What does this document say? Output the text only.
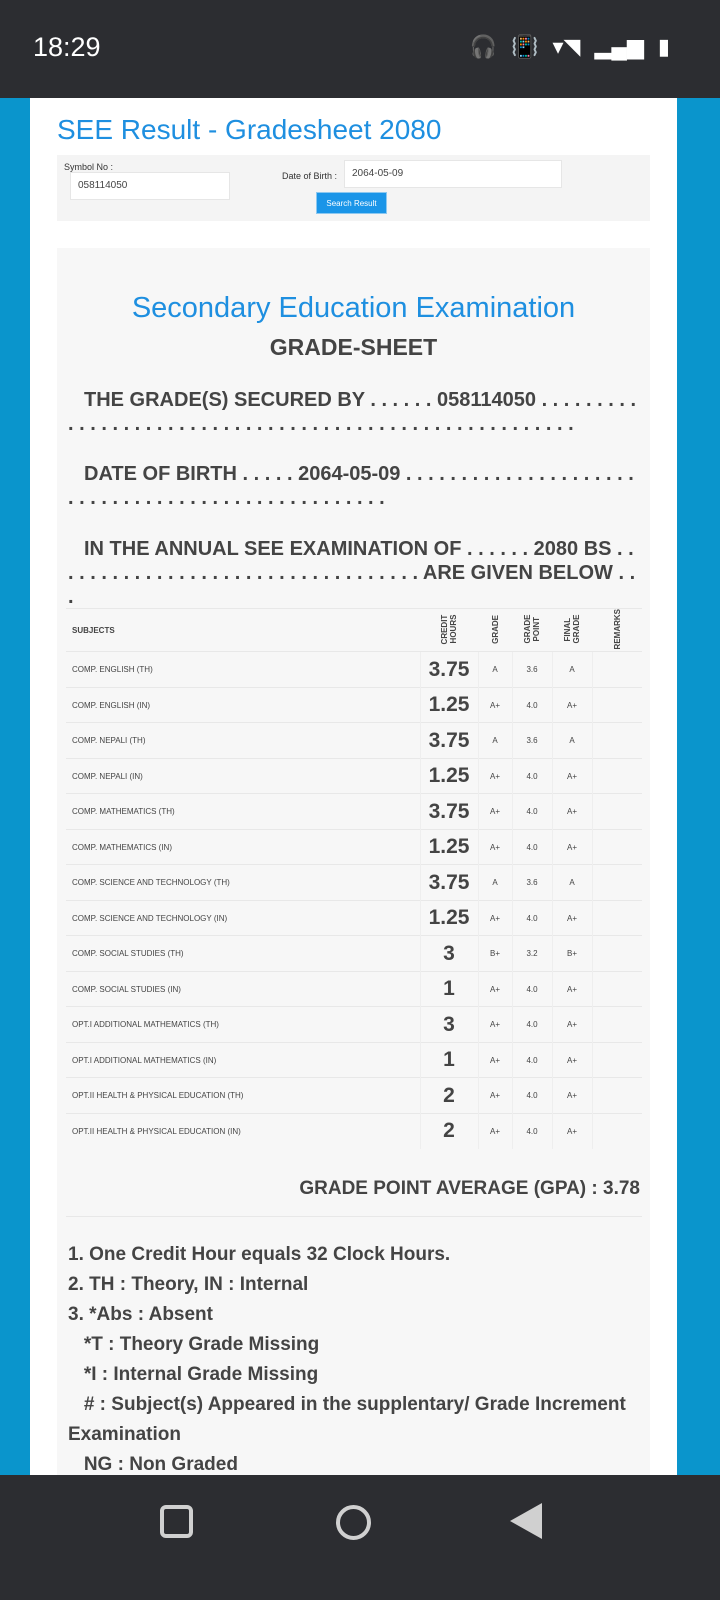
18:29	🎧 📳 ▾◥ ▂▄▆ ▮
SEE Result - Gradesheet 2080
Symbol No :
058114050
Date of Birth :	2064-05-09
Search Result
Secondary Education Examination
GRADE-SHEET
THE GRADE(S) SECURED BY . . . . . . 058114050 . . . . . . . . . . . . . . . . . . . . . . . . . . . . . . . . . . . . . . . . . . . . . . . . . . . . . . .
DATE OF BIRTH . . . . . 2064-05-09 . . . . . . . . . . . . . . . . . . . . . . . . . . . . . . . . . . . . . . . . . . . . . . . . . .
IN THE ANNUAL SEE EXAMINATION OF . . . . . . 2080 BS . . . . . . . . . . . . . . . . . . . . . . . . . . . . . . . . . . ARE GIVEN BELOW . . .
SUBJECTS	CREDIT HOURS	GRADE	GRADE POINT	FINAL GRADE	REMARKS
COMP. ENGLISH (TH)	3.75	A	3.6	A	
COMP. ENGLISH (IN)	1.25	A+	4.0	A+	
COMP. NEPALI (TH)	3.75	A	3.6	A	
COMP. NEPALI (IN)	1.25	A+	4.0	A+	
COMP. MATHEMATICS (TH)	3.75	A+	4.0	A+	
COMP. MATHEMATICS (IN)	1.25	A+	4.0	A+	
COMP. SCIENCE AND TECHNOLOGY (TH)	3.75	A	3.6	A	
COMP. SCIENCE AND TECHNOLOGY (IN)	1.25	A+	4.0	A+	
COMP. SOCIAL STUDIES (TH)	3	B+	3.2	B+	
COMP. SOCIAL STUDIES (IN)	1	A+	4.0	A+	
OPT.I ADDITIONAL MATHEMATICS (TH)	3	A+	4.0	A+	
OPT.I ADDITIONAL MATHEMATICS (IN)	1	A+	4.0	A+	
OPT.II HEALTH & PHYSICAL EDUCATION (TH)	2	A+	4.0	A+	
OPT.II HEALTH & PHYSICAL EDUCATION (IN)	2	A+	4.0	A+	
GRADE POINT AVERAGE (GPA) : 3.78
1. One Credit Hour equals 32 Clock Hours.
2. TH : Theory, IN : Internal
3. *Abs : Absent
*T : Theory Grade Missing
*I : Internal Grade Missing
# : Subject(s) Appeared in the supplentary/ Grade Increment Examination
NG : Non Graded
